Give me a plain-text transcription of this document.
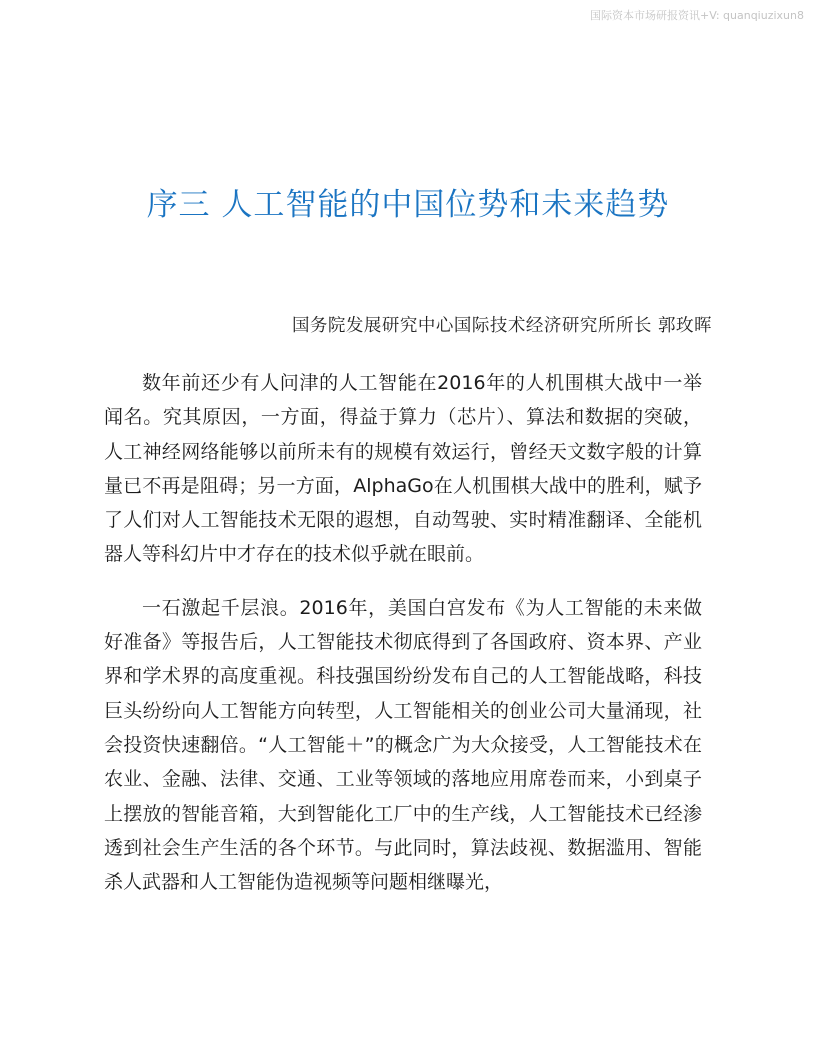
国际资本市场研报资讯+V: quanqiuzixun8
序三 人工智能的中国位势和未来趋势
国务院发展研究中心国际技术经济研究所所长 郭玫晖

数年前还少有人问津的人工智能在2016年的人机围棋大战中一举闻名。究其原因，一方面，得益于算力（芯片）、算法和数据的突破，人工神经网络能够以前所未有的规模有效运行，曾经天文数字般的计算量已不再是阻碍；另一方面，AlphaGo在人机围棋大战中的胜利，赋予了人们对人工智能技术无限的遐想，自动驾驶、实时精准翻译、全能机器人等科幻片中才存在的技术似乎就在眼前。

一石激起千层浪。2016年，美国白宫发布《为人工智能的未来做好准备》等报告后，人工智能技术彻底得到了各国政府、资本界、产业界和学术界的高度重视。科技强国纷纷发布自己的人工智能战略，科技巨头纷纷向人工智能方向转型，人工智能相关的创业公司大量涌现，社会投资快速翻倍。“人工智能＋”的概念广为大众接受，人工智能技术在农业、金融、法律、交通、工业等领域的落地应用席卷而来，小到桌子上摆放的智能音箱，大到智能化工厂中的生产线，人工智能技术已经渗透到社会生产生活的各个环节。与此同时，算法歧视、数据滥用、智能杀人武器和人工智能伪造视频等问题相继曝光，
